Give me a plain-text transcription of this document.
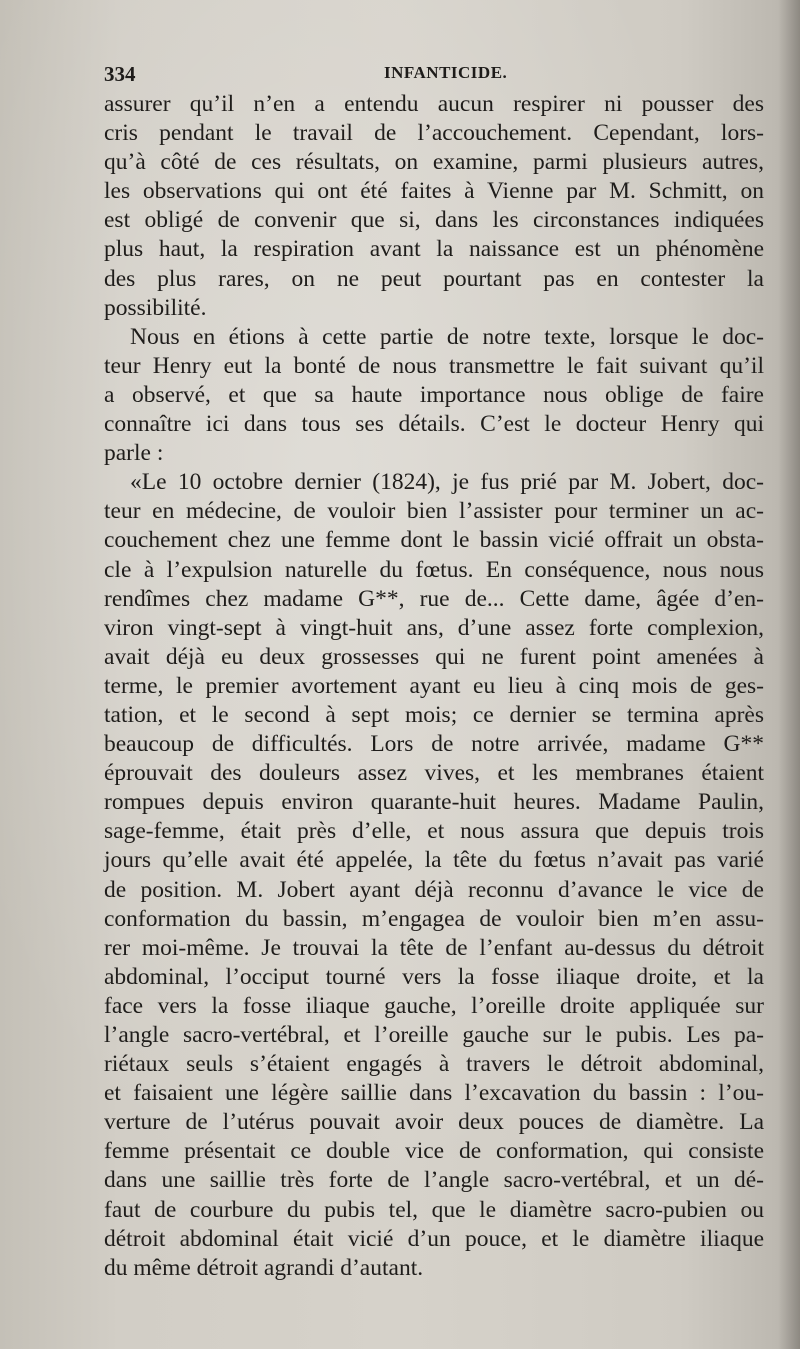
334	INFANTICIDE.
assurer qu’il n’en a entendu aucun respirer ni pousser des
cris pendant le travail de l’accouchement. Cependant, lors-
qu’à côté de ces résultats, on examine, parmi plusieurs autres,
les observations qui ont été faites à Vienne par M. Schmitt, on
est obligé de convenir que si, dans les circonstances indiquées
plus haut, la respiration avant la naissance est un phénomène
des plus rares, on ne peut pourtant pas en contester la
possibilité.
Nous en étions à cette partie de notre texte, lorsque le doc-
teur Henry eut la bonté de nous transmettre le fait suivant qu’il
a observé, et que sa haute importance nous oblige de faire
connaître ici dans tous ses détails. C’est le docteur Henry qui
parle :
«Le 10 octobre dernier (1824), je fus prié par M. Jobert, doc-
teur en médecine, de vouloir bien l’assister pour terminer un ac-
couchement chez une femme dont le bassin vicié offrait un obsta-
cle à l’expulsion naturelle du fœtus. En conséquence, nous nous
rendîmes chez madame G**, rue de... Cette dame, âgée d’en-
viron vingt-sept à vingt-huit ans, d’une assez forte complexion,
avait déjà eu deux grossesses qui ne furent point amenées à
terme, le premier avortement ayant eu lieu à cinq mois de ges-
tation, et le second à sept mois; ce dernier se termina après
beaucoup de difficultés. Lors de notre arrivée, madame G**
éprouvait des douleurs assez vives, et les membranes étaient
rompues depuis environ quarante-huit heures. Madame Paulin,
sage-femme, était près d’elle, et nous assura que depuis trois
jours qu’elle avait été appelée, la tête du fœtus n’avait pas varié
de position. M. Jobert ayant déjà reconnu d’avance le vice de
conformation du bassin, m’engagea de vouloir bien m’en assu-
rer moi-même. Je trouvai la tête de l’enfant au-dessus du détroit
abdominal, l’occiput tourné vers la fosse iliaque droite, et la
face vers la fosse iliaque gauche, l’oreille droite appliquée sur
l’angle sacro-vertébral, et l’oreille gauche sur le pubis. Les pa-
riétaux seuls s’étaient engagés à travers le détroit abdominal,
et faisaient une légère saillie dans l’excavation du bassin : l’ou-
verture de l’utérus pouvait avoir deux pouces de diamètre. La
femme présentait ce double vice de conformation, qui consiste
dans une saillie très forte de l’angle sacro-vertébral, et un dé-
faut de courbure du pubis tel, que le diamètre sacro-pubien ou
détroit abdominal était vicié d’un pouce, et le diamètre iliaque
du même détroit agrandi d’autant.
